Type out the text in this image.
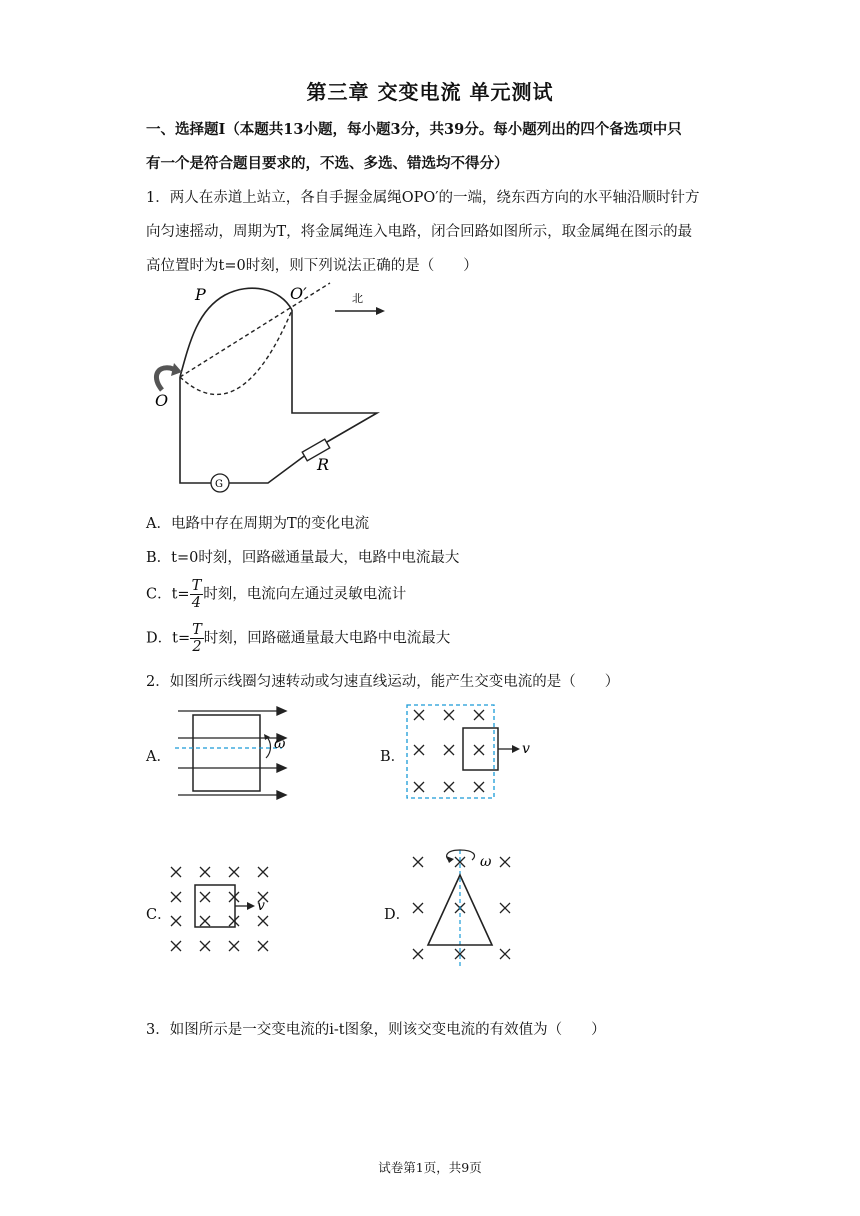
第三章 交变电流 单元测试
一、选择题Ⅰ（本题共13小题，每小题3分，共39分。每小题列出的四个备选项中只
有一个是符合题目要求的，不选、多选、错选均不得分）
1．两人在赤道上站立，各自手握金属绳OPO′的一端，绕东西方向的水平轴沿顺时针方
向匀速摇动，周期为T，将金属绳连入电路，闭合回路如图所示，取金属绳在图示的最
高位置时为t=0时刻，则下列说法正确的是（　　）
P	O′	北
O
R
G
A．电路中存在周期为T的变化电流
B．t=0时刻，回路磁通量最大，电路中电流最大
C．$t= \frac{T}{4}$ 时刻，电流向左通过灵敏电流计
D．$t= \frac{T}{2}$ 时刻，回路磁通量最大电路中电流最大
2．如图所示线圈匀速转动或匀速直线运动，能产生交变电流的是（　　）
A．
ω
B．	v
C．
v
D．
ω
3．如图所示是一交变电流的i-t图象，则该交变电流的有效值为（　　）
试卷第1页，共9页
